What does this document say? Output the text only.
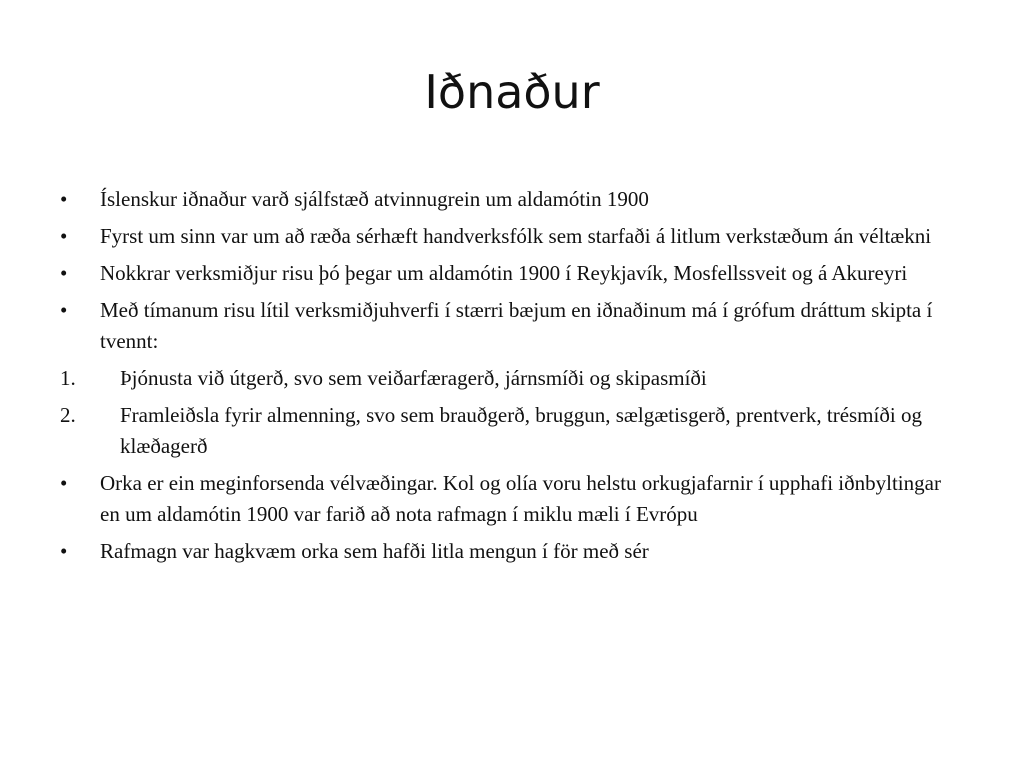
Iðnaður
• Íslenskur iðnaður varð sjálfstæð atvinnugrein um aldamótin 1900
• Fyrst um sinn var um að ræða sérhæft handverksfólk sem starfaði á litlum verkstæðum án véltækni
• Nokkrar verksmiðjur risu þó þegar um aldamótin 1900 í Reykjavík, Mosfellssveit og á Akureyri
• Með tímanum risu lítil verksmiðjuhverfi í stærri bæjum en iðnaðinum má í grófum dráttum skipta í tvennt:
1. Þjónusta við útgerð, svo sem veiðarfæragerð, járnsmíði og skipasmíði
2. Framleiðsla fyrir almenning, svo sem brauðgerð, bruggun, sælgætisgerð, prentverk, trésmíði og klæðagerð
• Orka er ein meginforsenda vélvæðingar. Kol og olía voru helstu orkugjafarnir í upphafi iðnbyltingar en um aldamótin 1900 var farið að nota rafmagn í miklu mæli í Evrópu
• Rafmagn var hagkvæm orka sem hafði litla mengun í för með sér
